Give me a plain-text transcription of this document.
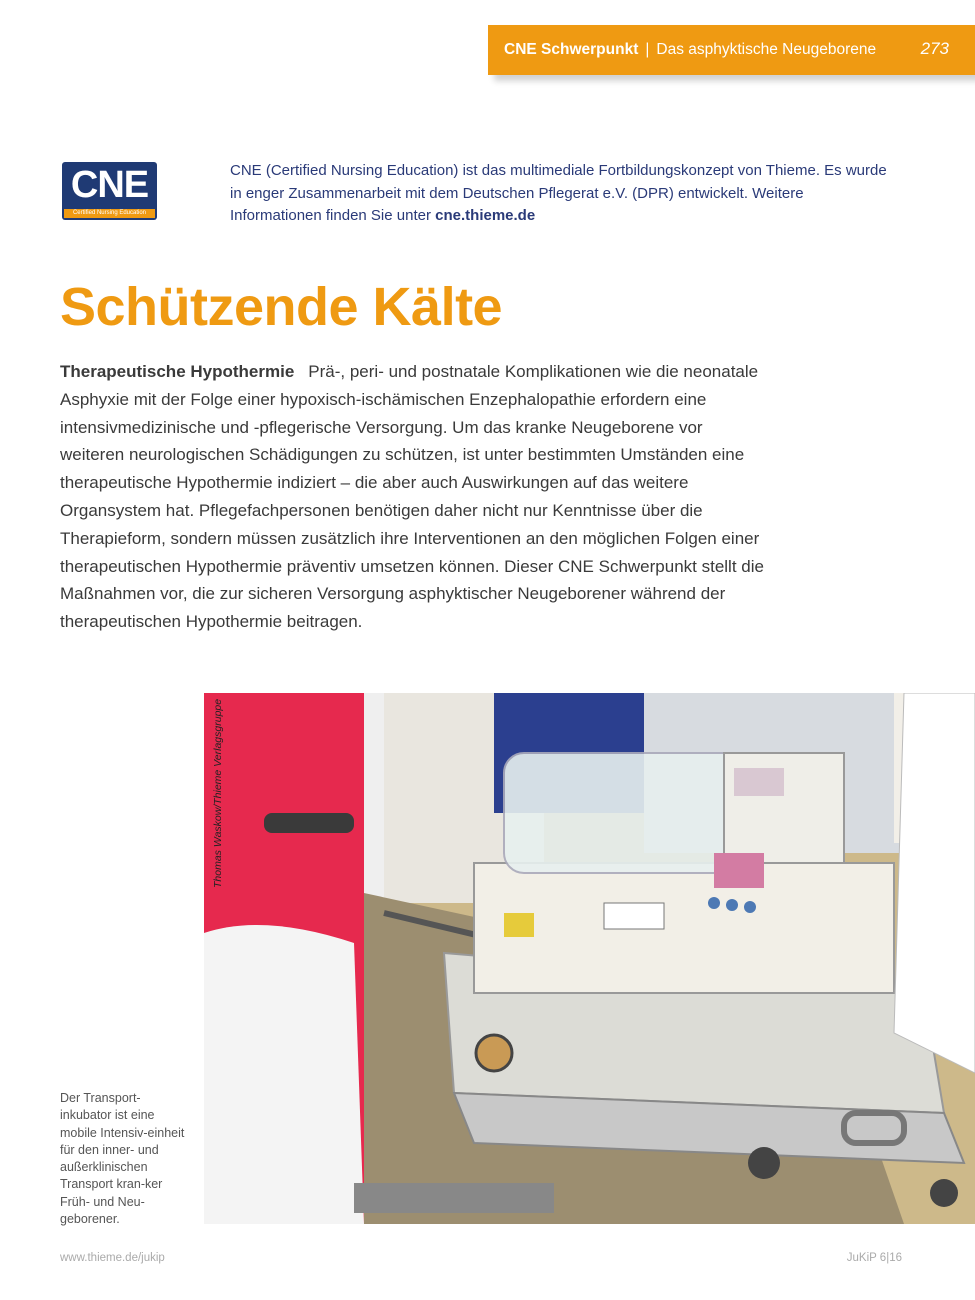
CNE Schwerpunkt | Das asphyktische Neugeborene	273
CNE
Certified Nursing Education
CNE (Certified Nursing Education) ist das multimediale Fortbildungskonzept von Thieme. Es wurde in enger Zusammenarbeit mit dem Deutschen Pflegerat e.V. (DPR) entwickelt. Weitere Informationen finden Sie unter cne.thieme.de
Schützende Kälte
Therapeutische Hypothermie Prä-, peri- und postnatale Komplikationen wie die neonatale Asphyxie mit der Folge einer hypoxisch-ischämischen Enzephalopathie erfordern eine intensivmedizinische und -pflegerische Versorgung. Um das kranke Neugeborene vor weiteren neurologischen Schädigungen zu schützen, ist unter bestimmten Umständen eine therapeutische Hypothermie indiziert – die aber auch Auswirkungen auf das weitere Organsystem hat. Pflegefachpersonen benötigen daher nicht nur Kenntnisse über die Therapieform, sondern müssen zusätzlich ihre Interventionen an den möglichen Folgen einer therapeutischen Hypothermie präventiv umsetzen können. Dieser CNE Schwerpunkt stellt die Maßnahmen vor, die zur sicheren Versorgung asphyktischer Neugeborener während der therapeutischen Hypothermie beitragen.
Thomas Waskow/Thieme Verlagsgruppe
Der Transport-inkubator ist eine mobile Intensiv-einheit für den inner- und außerklinischen Transport kran-ker Früh- und Neu-geborener.
www.thieme.de/jukip	JuKiP 6|16
